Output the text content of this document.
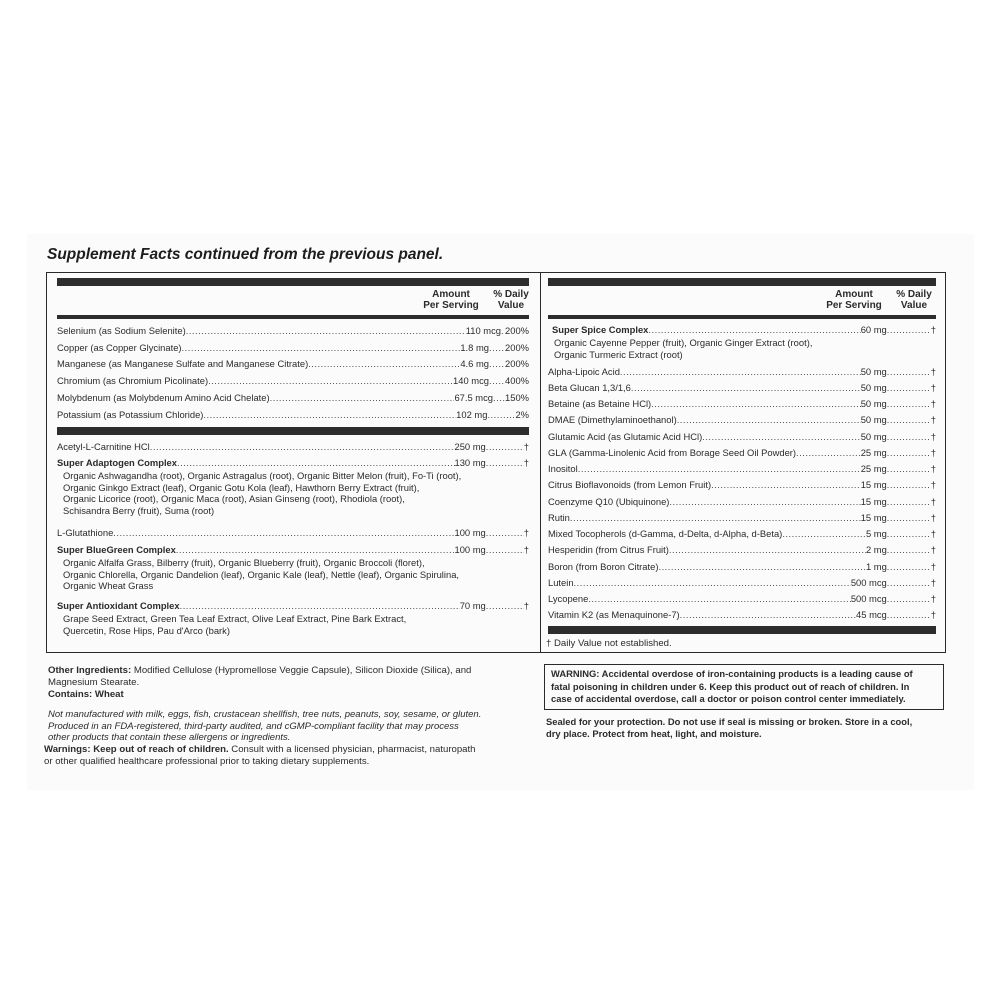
Supplement Facts continued from the previous panel.
Amount
Per Serving
% Daily
Value
Amount
Per Serving
% Daily
Value
Selenium (as Sodium Selenite) .....	110 mcg ..... 200%
Copper (as Copper Glycinate) .....	1.8 mg ..... 200%
Manganese (as Manganese Sulfate and Manganese Citrate) .....	4.6 mg ..... 200%
Chromium (as Chromium Picolinate) .....	140 mcg ..... 400%
Molybdenum (as Molybdenum Amino Acid Chelate) .....	67.5 mcg ..... 150%
Potassium (as Potassium Chloride) .....	102 mg .....	2%
Acetyl-L-Carnitine HCl .....	250 mg .....	†
Super Adaptogen Complex .....	130 mg .....	†
Organic Ashwagandha (root), Organic Astragalus (root), Organic Bitter Melon (fruit), Fo-Ti (root),
Organic Ginkgo Extract (leaf), Organic Gotu Kola (leaf), Hawthorn Berry Extract (fruit),
Organic Licorice (root), Organic Maca (root), Asian Ginseng (root), Rhodiola (root),
Schisandra Berry (fruit), Suma (root)
L-Glutathione .....	100 mg .....	†
Super BlueGreen Complex .....	100 mg .....	†
Organic Alfalfa Grass, Bilberry (fruit), Organic Blueberry (fruit), Organic Broccoli (floret),
Organic Chlorella, Organic Dandelion (leaf), Organic Kale (leaf), Nettle (leaf), Organic Spirulina,
Organic Wheat Grass
Super Antioxidant Complex .....	70 mg .....	†
Grape Seed Extract, Green Tea Leaf Extract, Olive Leaf Extract, Pine Bark Extract,
Quercetin, Rose Hips, Pau d'Arco (bark)
Super Spice Complex .....	60 mg .....	†
Organic Cayenne Pepper (fruit), Organic Ginger Extract (root),
Organic Turmeric Extract (root)
Alpha-Lipoic Acid .....	50 mg .....	†
Beta Glucan 1,3/1,6 .....	50 mg .....	†
Betaine (as Betaine HCl) .....	50 mg .....	†
DMAE (Dimethylaminoethanol) .....	50 mg .....	†
Glutamic Acid (as Glutamic Acid HCl) .....	50 mg .....	†
GLA (Gamma-Linolenic Acid from Borage Seed Oil Powder) .....	25 mg .....	†
Inositol .....	25 mg .....	†
Citrus Bioflavonoids (from Lemon Fruit) .....	15 mg .....	†
Coenzyme Q10 (Ubiquinone) .....	15 mg .....	†
Rutin .....	15 mg .....	†
Mixed Tocopherols (d-Gamma, d-Delta, d-Alpha, d-Beta) .....	5 mg .....	†
Hesperidin (from Citrus Fruit) .....	2 mg .....	†
Boron (from Boron Citrate) .....	1 mg .....	†
Lutein .....	500 mcg .....	†
Lycopene .....	500 mcg .....	†
Vitamin K2 (as Menaquinone-7) .....	45 mcg .....	†
† Daily Value not established.
Other Ingredients: Modified Cellulose (Hypromellose Veggie Capsule), Silicon Dioxide (Silica), and
Magnesium Stearate.
Contains: Wheat
Not manufactured with milk, eggs, fish, crustacean shellfish, tree nuts, peanuts, soy, sesame, or gluten.
Produced in an FDA-registered, third-party audited, and cGMP-compliant facility that may process
other products that contain these allergens or ingredients.
Warnings: Keep out of reach of children. Consult with a licensed physician, pharmacist, naturopath
or other qualified healthcare professional prior to taking dietary supplements.
WARNING: Accidental overdose of iron-containing products is a leading cause of
fatal poisoning in children under 6. Keep this product out of reach of children. In
case of accidental overdose, call a doctor or poison control center immediately.
Sealed for your protection. Do not use if seal is missing or broken. Store in a cool,
dry place. Protect from heat, light, and moisture.
